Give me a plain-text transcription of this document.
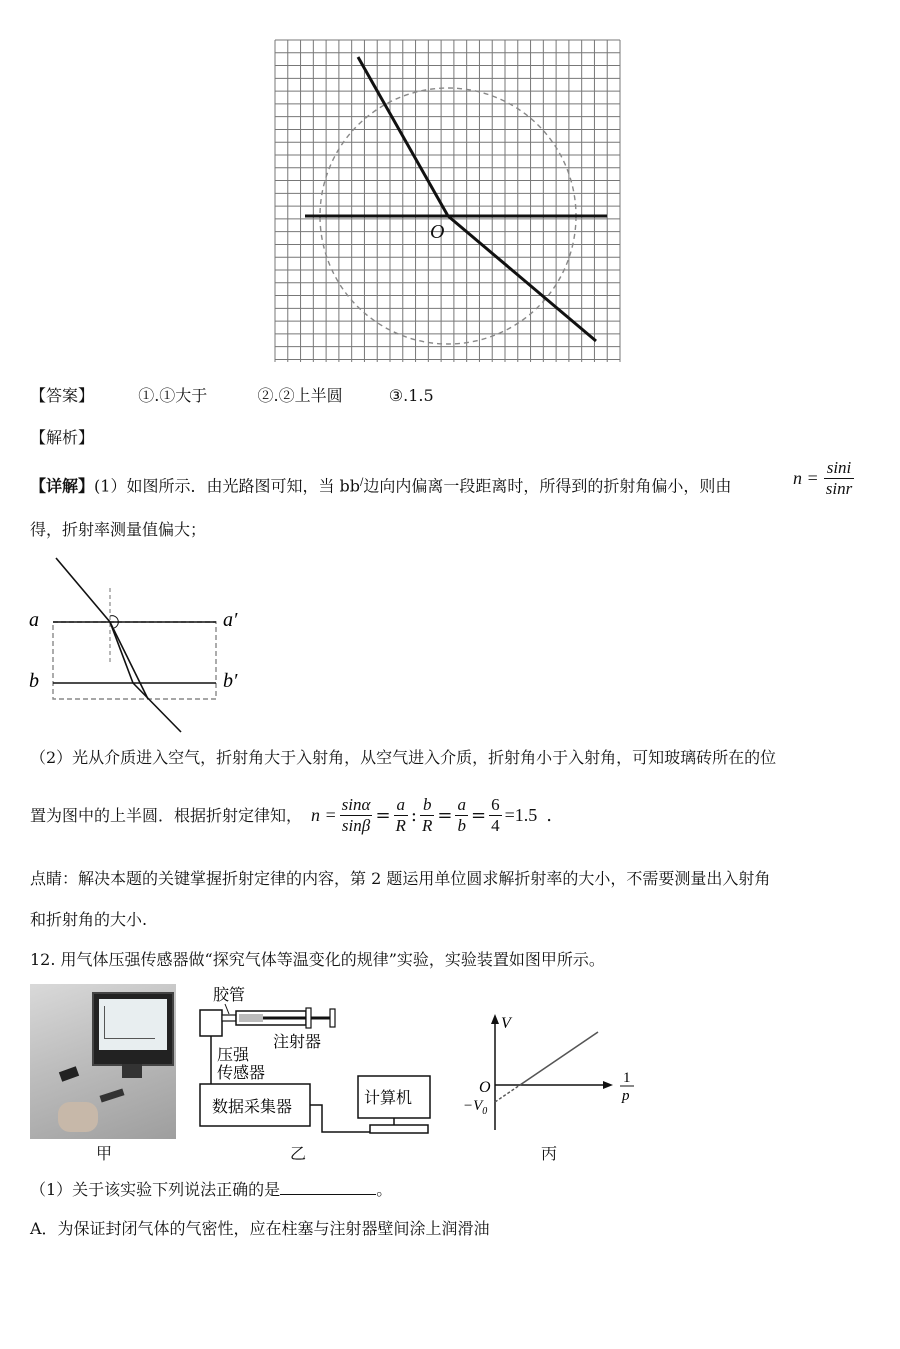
O
【答案】	①.①大于	②.②上半圆	③.1.5
【解析】
【详解】(1）如图所示．由光路图可知，当 bb/边向内偏离一段距离时，所得到的折射角偏小，则由	$n = \frac{\sin i}{\sin r}$
得，折射率测量值偏大；
a	a′
b	b′
（2）光从介质进入空气，折射角大于入射角，从空气进入介质，折射角小于入射角，可知玻璃砖所在的位
置为图中的上半圆．根据折射定律知， $n = \frac{\sin\alpha}{\sin\beta} = \frac{a}{R}$ : $\frac{b}{R} = \frac{a}{b} = \frac{6}{4} =1.5$ .
点睛：解决本题的关键掌握折射定律的内容，第 2 题运用单位圆求解折射率的大小，不需要测量出入射角
和折射角的大小.
12. 用气体压强传感器做“探究气体等温变化的规律”实验，实验装置如图甲所示。
甲
胶管
注射器
压强
传感器
数据采集器
计算机
乙
V
O
$-V_0$
1
p
丙
（1）关于该实验下列说法正确的是	。
A．为保证封闭气体的气密性，应在柱塞与注射器壁间涂上润滑油
